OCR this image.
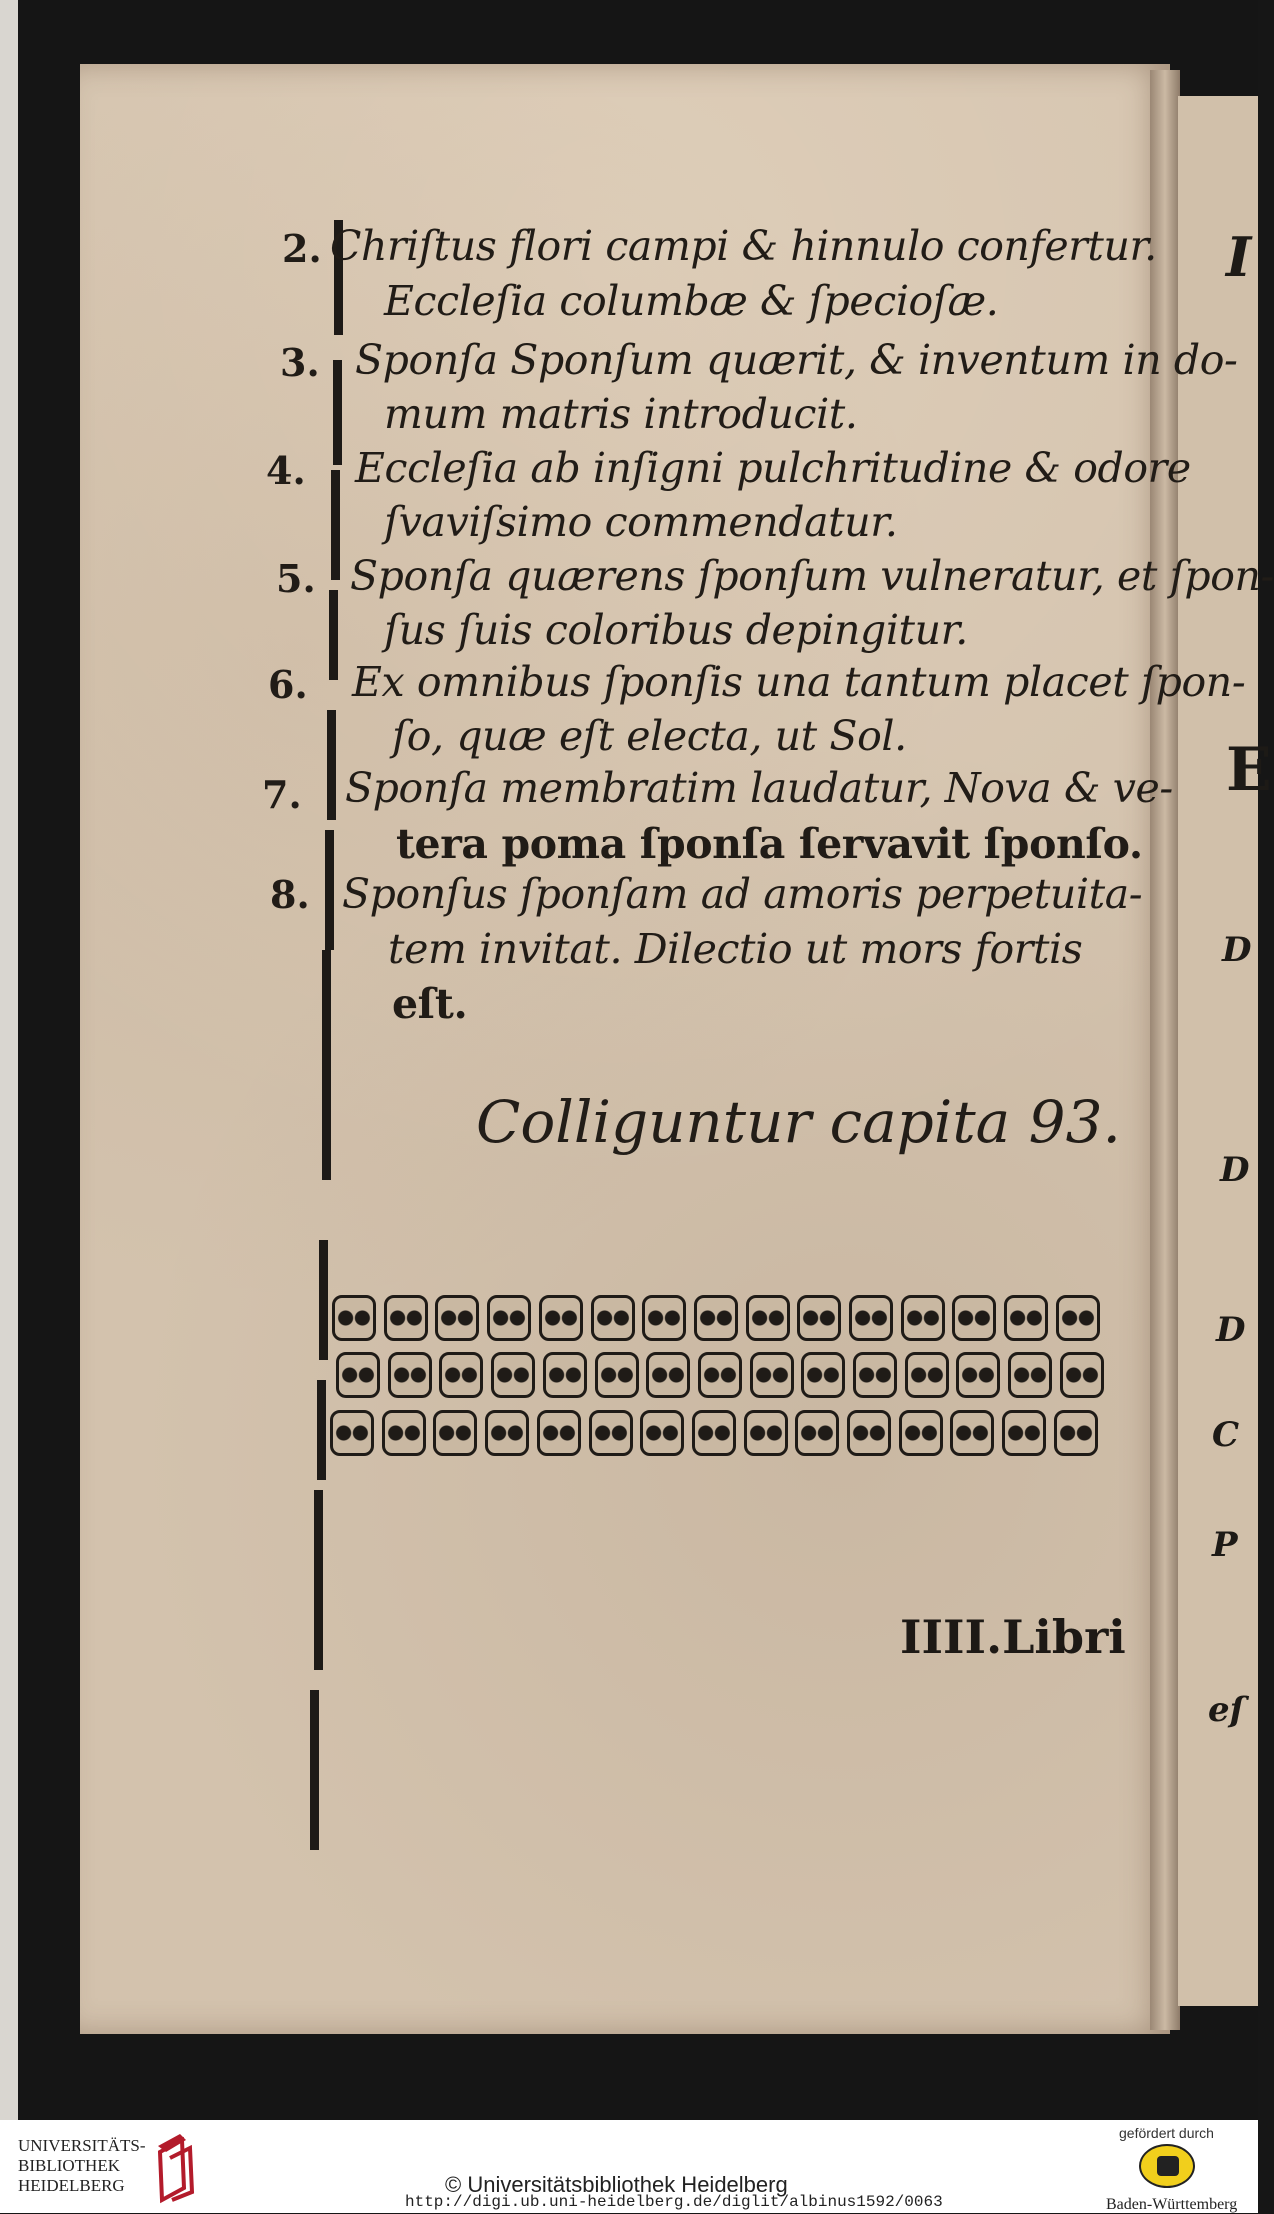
I
E
D
D
D
C
P
eſ
2. Chriſtus flori campi & hinnulo confertur.
Eccleſia columbæ & ſpecioſæ.
3. Sponſa Sponſum quærit, & inventum in do-
mum matris introducit.
4. Eccleſia ab inſigni pulchritudine & odore
ſvaviſsimo commendatur.
5. Sponſa quærens ſponſum vulneratur, et ſpon-
ſus ſuis coloribus depingitur.
6. Ex omnibus ſponſis una tantum placet ſpon-
ſo, quæ eſt electa, ut Sol.
7. Sponſa membratim laudatur, Nova & ve-
tera poma ſponſa ſervavit ſponſo.
8. Sponſus ſponſam ad amoris perpetuita-
tem invitat. Dilectio ut mors fortis
eſt.
Colliguntur capita 93.
IIII.Libri
UNIVERSITÄTS-
BIBLIOTHEK
HEIDELBERG	© Universitätsbibliothek Heidelberg
http://digi.ub.uni-heidelberg.de/diglit/albinus1592/0063
gefördert durch
Baden-Württemberg
